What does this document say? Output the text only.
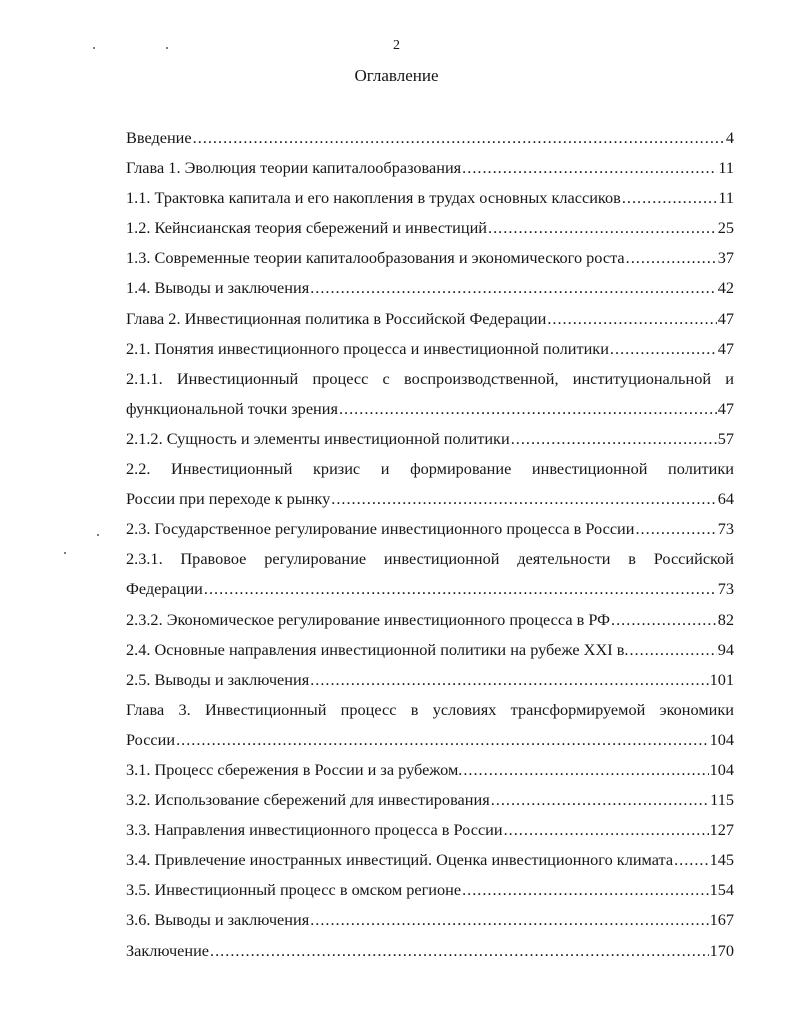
2
Оглавление
Введение .....	4
Глава 1. Эволюция теории капиталообразования .....	11
1.1. Трактовка капитала и его накопления в трудах основных классиков .....	11
1.2. Кейнсианская теория сбережений и инвестиций .....	25
1.3. Современные теории капиталообразования и экономического роста .....	37
1.4. Выводы и заключения .....	42
Глава 2. Инвестиционная политика в Российской Федерации .....	47
2.1. Понятия инвестиционного процесса и инвестиционной политики .....	47
2.1.1. Инвестиционный процесс с воспроизводственной, институциональной и
функциональной точки зрения .....	47
2.1.2. Сущность и элементы инвестиционной политики .....	57
2.2. Инвестиционный кризис и формирование инвестиционной политики
России при переходе к рынку .....	64
2.3. Государственное регулирование инвестиционного процесса в России .....	73
2.3.1. Правовое регулирование инвестиционной деятельности в Российской
Федерации .....	73
2.3.2. Экономическое регулирование инвестиционного процесса в РФ .....	82
2.4. Основные направления инвестиционной политики на рубеже XXI в. .....	94
2.5. Выводы и заключения .....	101
Глава 3. Инвестиционный процесс в условиях трансформируемой экономики
России .....	104
3.1. Процесс сбережения в России и за рубежом. .....	104
3.2. Использование сбережений для инвестирования .....	115
3.3. Направления инвестиционного процесса в России .....	127
3.4. Привлечение иностранных инвестиций. Оценка инвестиционного климата ..... 145
3.5. Инвестиционный процесс в омском регионе .....	154
3.6. Выводы и заключения .....	167
Заключение .....	170
